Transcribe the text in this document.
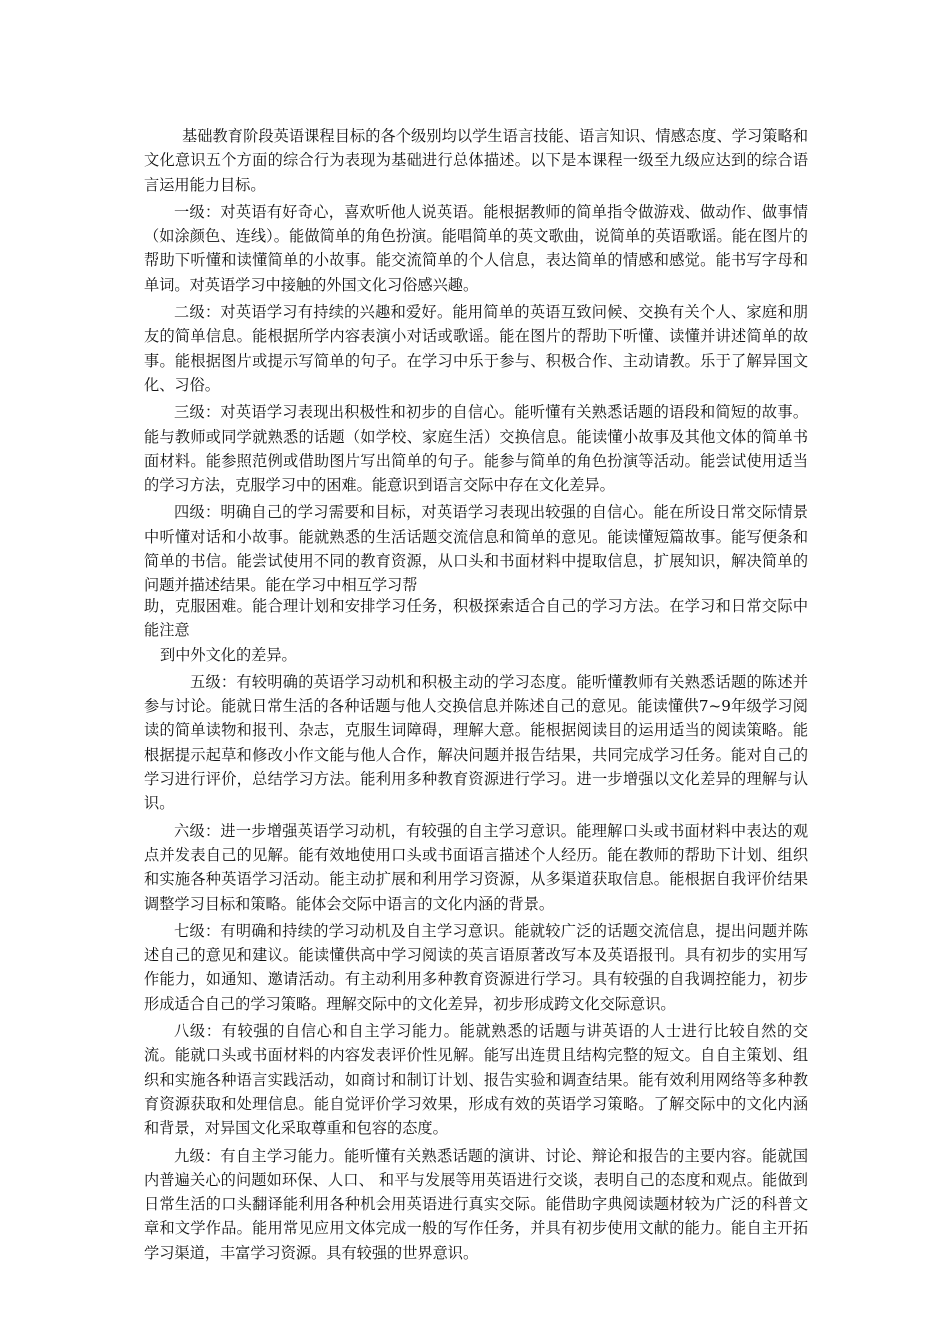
基础教育阶段英语课程目标的各个级别均以学生语言技能、语言知识、情感态度、学习策略和文化意识五个方面的综合行为表现为基础进行总体描述。以下是本课程一级至九级应达到的综合语言运用能力目标。

一级：对英语有好奇心，喜欢听他人说英语。能根据教师的简单指令做游戏、做动作、做事情（如涂颜色、连线）。能做简单的角色扮演。能唱简单的英文歌曲，说简单的英语歌谣。能在图片的帮助下听懂和读懂简单的小故事。能交流简单的个人信息，表达简单的情感和感觉。能书写字母和单词。对英语学习中接触的外国文化习俗感兴趣。

二级：对英语学习有持续的兴趣和爱好。能用简单的英语互致问候、交换有关个人、家庭和朋友的简单信息。能根据所学内容表演小对话或歌谣。能在图片的帮助下听懂、读懂并讲述简单的故事。能根据图片或提示写简单的句子。在学习中乐于参与、积极合作、主动请教。乐于了解异国文化、习俗。

三级：对英语学习表现出积极性和初步的自信心。能听懂有关熟悉话题的语段和简短的故事。能与教师或同学就熟悉的话题（如学校、家庭生活）交换信息。能读懂小故事及其他文体的简单书面材料。能参照范例或借助图片写出简单的句子。能参与简单的角色扮演等活动。能尝试使用适当的学习方法，克服学习中的困难。能意识到语言交际中存在文化差异。

四级：明确自己的学习需要和目标，对英语学习表现出较强的自信心。能在所设日常交际情景中听懂对话和小故事。能就熟悉的生活话题交流信息和简单的意见。能读懂短篇故事。能写便条和简单的书信。能尝试使用不同的教育资源，从口头和书面材料中提取信息，扩展知识，解决简单的问题并描述结果。能在学习中相互学习帮

助，克服困难。能合理计划和安排学习任务，积极探索适合自己的学习方法。在学习和日常交际中能注意
到中外文化的差异。

五级：有较明确的英语学习动机和积极主动的学习态度。能听懂教师有关熟悉话题的陈述并参与讨论。能就日常生活的各种话题与他人交换信息并陈述自己的意见。能读懂供7~9年级学习阅读的简单读物和报刊、杂志，克服生词障碍，理解大意。能根据阅读目的运用适当的阅读策略。能根据提示起草和修改小作文能与他人合作，解决问题并报告结果，共同完成学习任务。能对自己的学习进行评价，总结学习方法。能利用多种教育资源进行学习。进一步增强以文化差异的理解与认识。

六级：进一步增强英语学习动机，有较强的自主学习意识。能理解口头或书面材料中表达的观点并发表自己的见解。能有效地使用口头或书面语言描述个人经历。能在教师的帮助下计划、组织和实施各种英语学习活动。能主动扩展和利用学习资源，从多渠道获取信息。能根据自我评价结果调整学习目标和策略。能体会交际中语言的文化内涵的背景。

七级：有明确和持续的学习动机及自主学习意识。能就较广泛的话题交流信息，提出问题并陈述自己的意见和建议。能读懂供高中学习阅读的英言语原著改写本及英语报刊。具有初步的实用写作能力，如通知、邀请活动。有主动利用多种教育资源进行学习。具有较强的自我调控能力，初步形成适合自己的学习策略。理解交际中的文化差异，初步形成跨文化交际意识。

八级：有较强的自信心和自主学习能力。能就熟悉的话题与讲英语的人士进行比较自然的交流。能就口头或书面材料的内容发表评价性见解。能写出连贯且结构完整的短文。自自主策划、组织和实施各种语言实践活动，如商讨和制订计划、报告实验和调查结果。能有效利用网络等多种教育资源获取和处理信息。能自觉评价学习效果，形成有效的英语学习策略。了解交际中的文化内涵和背景，对异国文化采取尊重和包容的态度。

九级：有自主学习能力。能听懂有关熟悉话题的演讲、讨论、辩论和报告的主要内容。能就国内普遍关心的问题如环保、人口、 和平与发展等用英语进行交谈，表明自己的态度和观点。能做到日常生活的口头翻译能利用各种机会用英语进行真实交际。能借助字典阅读题材较为广泛的科普文章和文学作品。能用常见应用文体完成一般的写作任务，并具有初步使用文献的能力。能自主开拓学习渠道，丰富学习资源。具有较强的世界意识。
